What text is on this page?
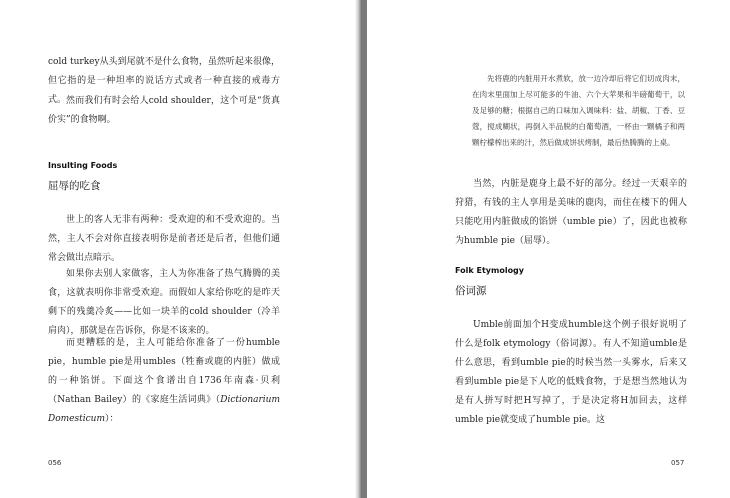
cold turkey从头到尾就不是什么食物，虽然听起来很像，但它指的是一种坦率的说话方式或者一种直接的戒毒方式。 然而我们有时会给人cold shoulder，这个可是“货真价实”的食物啊。

Insulting Foods
屈辱的吃食

世上的客人无非有两种：受欢迎的和不受欢迎的。当然，主人不会对你直接表明你是前者还是后者，但他们通常会做出点暗示。

如果你去别人家做客，主人为你准备了热气腾腾的美食，这就表明你非常受欢迎。而假如人家给你吃的是昨天剩下的残羹冷炙——比如一块羊的cold shoulder（冷羊肩肉），那就是在告诉你，你是不该来的。

而更糟糕的是，主人可能给你准备了一份humble pie，humble pie是用umbles（牲畜或鹿的内脏）做成的一种馅饼。下面这个食谱出自1736年南森·贝利（Nathan Bailey）的《家庭生活词典》（Dictionarium Domesticum）：

056

先将鹿的内脏用开水煮软，放一边冷却后将它们切成肉末，在肉末里面加上尽可能多的牛油、六个大苹果和半磅葡萄干，以及足够的糖；根据自己的口味加入调味料：盐、胡椒、丁香、豆蔻，搅成糊状，再倒入半品脱的白葡萄酒，一杯由一颗橘子和两颗柠檬榨出来的汁，然后做成饼状烤制，最后热腾腾的上桌。

当然，内脏是鹿身上最不好的部分。经过一天艰辛的狩猎，有钱的主人享用是美味的鹿肉，而住在楼下的佣人只能吃用内脏做成的馅饼（umble pie）了，因此也被称为humble pie（屈辱）。

Folk Etymology
俗词源

Umble前面加个H变成humble这个例子很好说明了什么是folk etymology（俗词源）。有人不知道umble是什么意思，看到umble pie的时候当然一头雾水，后来又看到umble pie是下人吃的低贱食物，于是想当然地认为是有人拼写时把H写掉了，于是决定将H加回去，这样umble pie就变成了humble pie。这

057
